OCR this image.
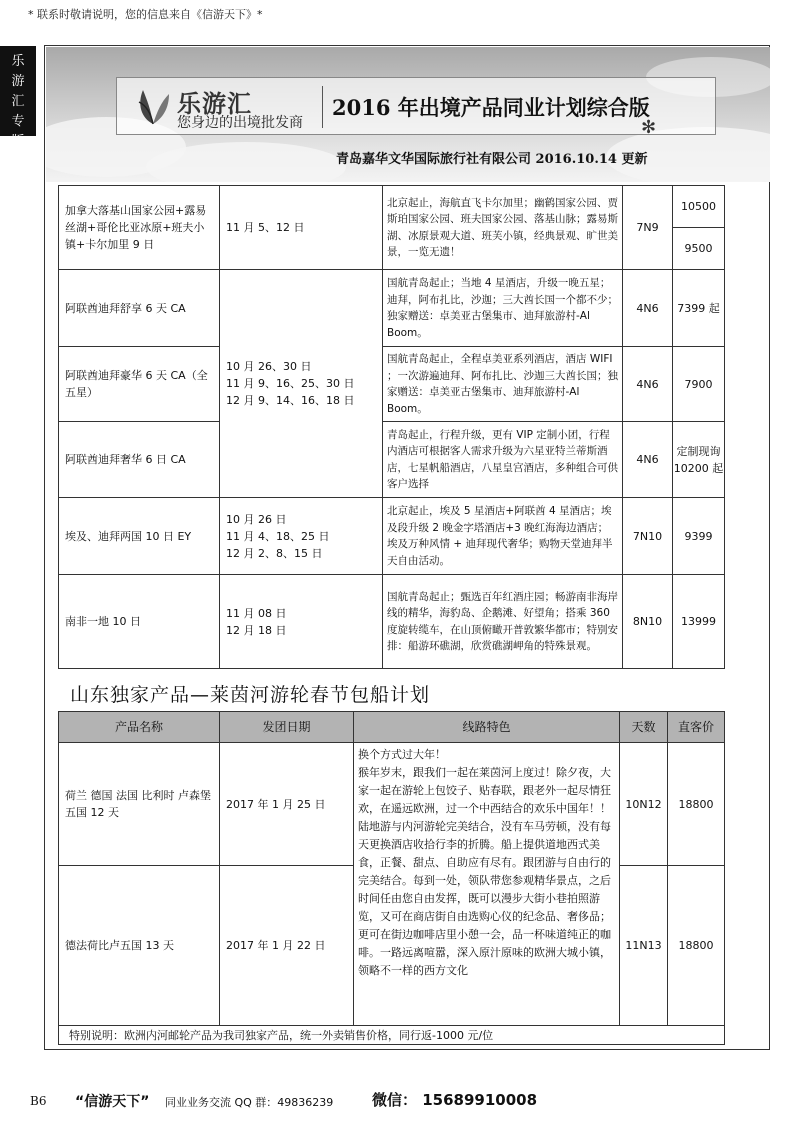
* 联系时敬请说明，您的信息来自《信游天下》*
乐游汇专版
乐游汇
您身边的出境批发商
2016 年出境产品同业计划综合版
✻
青岛嘉华文华国际旅行社有限公司 2016.10.14 更新
加拿大落基山国家公园+露易丝湖+哥伦比亚冰原+班夫小镇+卡尔加里 9 日	11 月 5、12 日	北京起止，海航直飞卡尔加里；幽鹤国家公园、贾斯珀国家公园、班夫国家公园、落基山脉；露易斯湖、冰原景观大道、班芙小镇，经典景观、旷世美景，一览无遗！	7N9	10500
				9500
阿联酋迪拜舒享 6 天 CA	10 月 26、30 日
11 月 9、16、25、30 日
12 月 9、14、16、18 日	国航青岛起止；当地 4 星酒店，升级一晚五星；迪拜，阿布扎比，沙迦；三大酋长国一个都不少；独家赠送：卓美亚古堡集市、迪拜旅游村-Al Boom。	4N6	7399 起
阿联酋迪拜豪华 6 天 CA（全五星）		国航青岛起止，全程卓美亚系列酒店，酒店 WIFI ；一次游遍迪拜、阿布扎比、沙迦三大酋长国；独家赠送：卓美亚古堡集市、迪拜旅游村-Al Boom。	4N6	7900
阿联酋迪拜奢华 6 日 CA		青岛起止，行程升级，更有 VIP 定制小团，行程内酒店可根据客人需求升级为六星亚特兰蒂斯酒店，七星帆船酒店，八星皇宫酒店，多种组合可供客户选择	4N6	定制现询 10200 起
埃及、迪拜两国 10 日 EY	10 月 26 日
11 月 4、18、25 日
12 月 2、8、15 日	北京起止，埃及 5 星酒店+阿联酋 4 星酒店；埃及段升级 2 晚金字塔酒店+3 晚红海海边酒店；埃及万种风情 + 迪拜现代奢华；购物天堂迪拜半天自由活动。	7N10	9399
南非一地 10 日	11 月 08 日
12 月 18 日	国航青岛起止；甄选百年红酒庄园；畅游南非海岸线的精华，海豹岛、企鹅滩、好望角；搭乘 360 度旋转缆车，在山顶俯瞰开普敦繁华都市；特别安排：船游环礁湖，欣赏礁湖岬角的特殊景观。	8N10	13999
山东独家产品—莱茵河游轮春节包船计划
产品名称	发团日期	线路特色	天数	直客价
荷兰 德国 法国 比利时 卢森堡 五国 12 天	2017 年 1 月 25 日	换个方式过大年！
猴年岁末，跟我们一起在莱茵河上度过！除夕夜，大家一起在游轮上包饺子、贴春联，跟老外一起尽情狂欢，在遥远欧洲，过一个中西结合的欢乐中国年！！
陆地游与内河游轮完美结合，没有车马劳顿，没有每天更换酒店收拾行李的折腾。船上提供道地西式美食，正餐、甜点、自助应有尽有。跟团游与自由行的完美结合。每到一处，领队带您参观精华景点，之后时间任由您自由发挥，既可以漫步大街小巷拍照游览，又可在商店街自由选购心仪的纪念品、奢侈品；更可在街边咖啡店里小憩一会，品一杯味道纯正的咖啡。一路远离喧嚣，深入原汁原味的欧洲大城小镇，领略不一样的西方文化	10N12	18800
德法荷比卢五国 13 天	2017 年 1 月 22 日		11N13	18800
特别说明：欧洲内河邮轮产品为我司独家产品，统一外卖销售价格，同行返-1000 元/位				
B6 “信游天下” 同业业务交流 QQ 群：49836239	微信： 15689910008
